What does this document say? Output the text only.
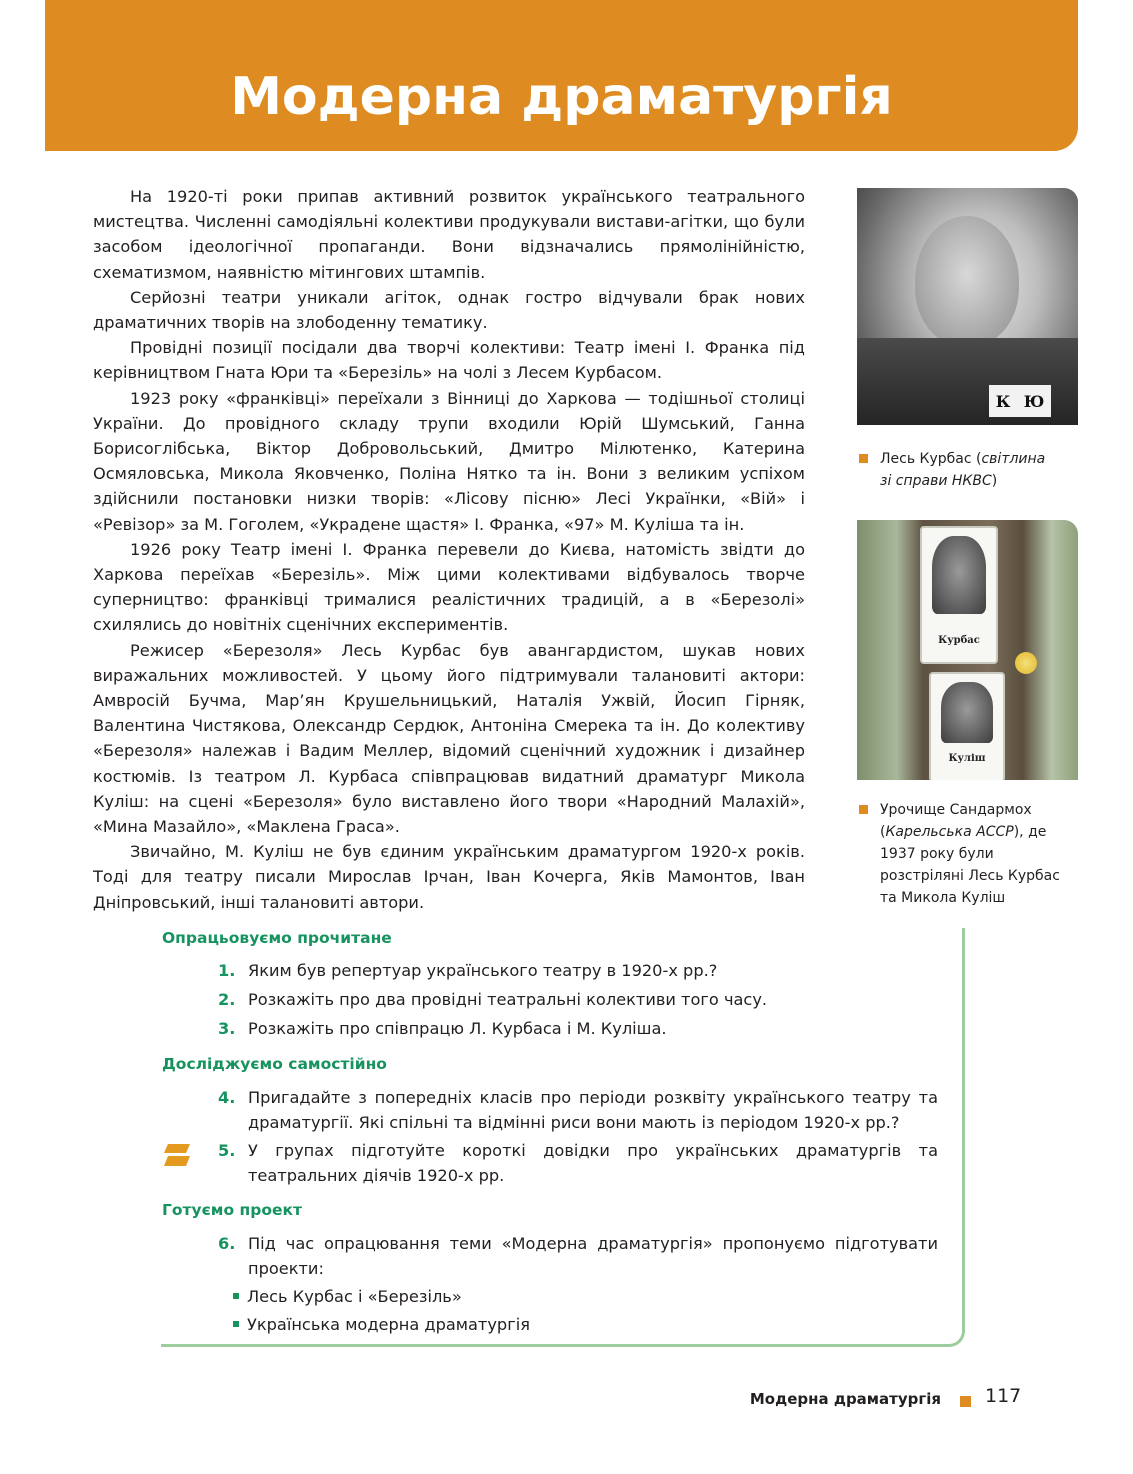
Модерна драматургія

На 1920-ті роки припав активний розвиток українського театрального мистецтва. Численні самодіяльні колективи продукували вистави-агітки, що були засобом ідеологічної пропаганди. Вони відзначались прямолінійністю, схематизмом, наявністю мітингових штампів.

Серйозні театри уникали агіток, однак гостро відчували брак нових драматичних творів на злободенну тематику.

Провідні позиції посідали два творчі колективи: Театр імені І. Франка під керівництвом Гната Юри та «Березіль» на чолі з Лесем Курбасом.

1923 року «франківці» переїхали з Вінниці до Харкова — тодішньої столиці України. До провідного складу трупи входили Юрій Шумський, Ганна Борисоглібська, Віктор Добровольський, Дмитро Мілютенко, Катерина Осмяловська, Микола Яковченко, Поліна Нятко та ін. Вони з великим успіхом здійснили постановки низки творів: «Лісову пісню» Лесі Українки, «Вій» і «Ревізор» за М. Гоголем, «Украдене щастя» І. Франка, «97» М. Куліша та ін.

1926 року Театр імені І. Франка перевели до Києва, натомість звідти до Харкова переїхав «Березіль». Між цими колективами відбувалось творче суперництво: франківці трималися реалістичних традицій, а в «Березолі» схилялись до новітніх сценічних експериментів.

Режисер «Березоля» Лесь Курбас був авангардистом, шукав нових виражальних можливостей. У цьому його підтримували талановиті актори: Амвросій Бучма, Мар’ян Крушельницький, Наталія Ужвій, Йосип Гірняк, Валентина Чистякова, Олександр Сердюк, Антоніна Смерека та ін. До колективу «Березоля» належав і Вадим Меллер, відомий сценічний художник і дизайнер костюмів. Із театром Л. Курбаса співпрацював видатний драматург Микола Куліш: на сцені «Березоля» було виставлено його твори «Народний Малахій», «Мина Мазайло», «Маклена Граса».

Звичайно, М. Куліш не був єдиним українським драматургом 1920-х років. Тоді для театру писали Мирослав Ірчан, Іван Кочерга, Яків Мамонтов, Іван Дніпровський, інші талановиті автори.

К Ю
Лесь Курбас (світлина зі справи НКВС)
Курбас
Куліш
Урочище Сандармох (Карельська АССР), де 1937 року були розстріляні Лесь Курбас та Микола Куліш
Опрацьовуємо прочитане
1. Яким був репертуар українського театру в 1920-х рр.?
2. Розкажіть про два провідні театральні колективи того часу.
3. Розкажіть про співпрацю Л. Курбаса і М. Куліша.
Досліджуємо самостійно
4. Пригадайте з попередніх класів про періоди розквіту українського театру та драматургії. Які спільні та відмінні риси вони мають із періодом 1920-х рр.?
5. У групах підготуйте короткі довідки про українських драматургів та театральних діячів 1920-х рр.
Готуємо проект
6. Під час опрацювання теми «Модерна драматургія» пропонуємо підготувати проекти:
Лесь Курбас і «Березіль»
Українська модерна драматургія
Модерна драматургія 117
